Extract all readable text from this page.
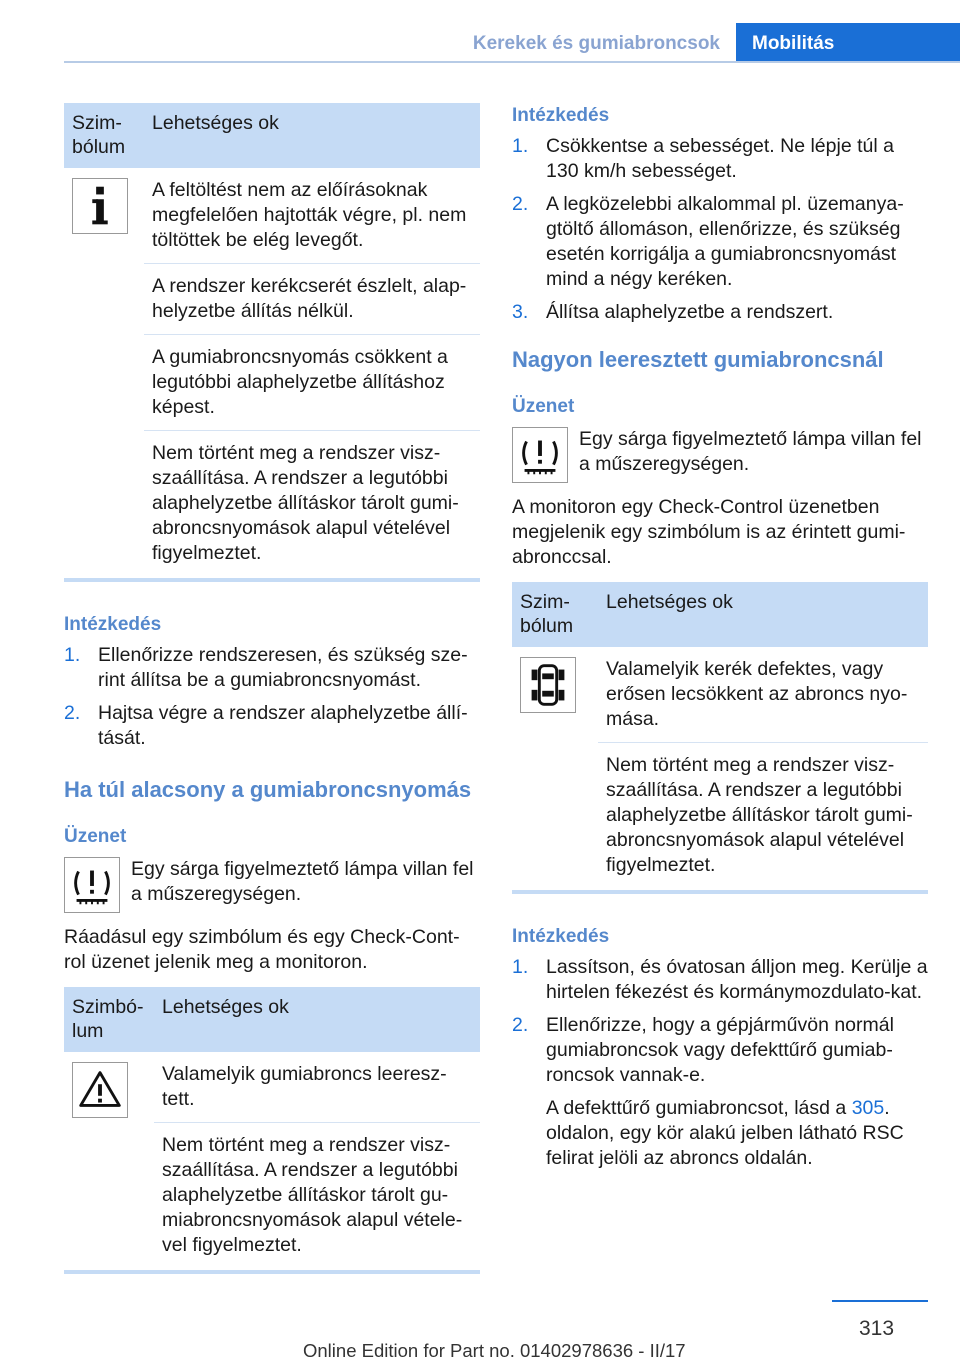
Kerekek és gumiabroncsok	Mobilitás
Szim-
bólum	Lehetséges ok

	A feltöltést nem az előírásoknak megfelelően hajtották végre, pl. nem töltöttek be elég levegőt.
	A rendszer kerékcserét észlelt, alap-helyzetbe állítás nélkül.
	A gumiabroncsnyomás csökkent a legutóbbi alaphelyzetbe állításhoz képest.
	Nem történt meg a rendszer visz-szaállítása. A rendszer a legutóbbi alaphelyzetbe állításkor tárolt gumi-abroncsnyomások alapul vételével figyelmeztet.
Intézkedés
1. Ellenőrizze rendszeresen, és szükség sze-rint állítsa be a gumiabroncsnyomást.
2. Hajtsa végre a rendszer alaphelyzetbe állí-tását.
Ha túl alacsony a gumiabroncsnyomás
Üzenet
Egy sárga figyelmeztető lámpa villan fel a műszeregységen.
Ráadásul egy szimbólum és egy Check-Cont-rol üzenet jelenik meg a monitoron.
Szimbó-
lum	Lehetséges ok

	Valamelyik gumiabroncs leeresz-tett.
	Nem történt meg a rendszer visz-szaállítása. A rendszer a legutóbbi alaphelyzetbe állításkor tárolt gu-miabroncsnyomások alapul vétele-vel figyelmeztet.
Intézkedés
1. Csökkentse a sebességet. Ne lépje túl a 130 km/h sebességet.
2. A legközelebbi alkalommal pl. üzemanya-gtöltő állomáson, ellenőrizze, és szükség esetén korrigálja a gumiabroncsnyomást mind a négy keréken.
3. Állítsa alaphelyzetbe a rendszert.
Nagyon leeresztett gumiabroncsnál
Üzenet
Egy sárga figyelmeztető lámpa villan fel a műszeregységen.
A monitoron egy Check-Control üzenetben megjelenik egy szimbólum is az érintett gumi-abronccsal.
Szim-
bólum	Lehetséges ok

	Valamelyik kerék defektes, vagy erősen lecsökkent az abroncs nyo-mása.
	Nem történt meg a rendszer visz-szaállítása. A rendszer a legutóbbi alaphelyzetbe állításkor tárolt gumi-abroncsnyomások alapul vételével figyelmeztet.
Intézkedés
1. Lassítson, és óvatosan álljon meg. Kerülje a hirtelen fékezést és kormánymozdulato-kat.
2. Ellenőrizze, hogy a gépjárművön normál gumiabroncsok vagy defekttűrő gumiab-roncsok vannak-e.

A defekttűrő gumiabroncsot, lásd a 305. oldalon, egy kör alakú jelben látható RSC felirat jelöli az abroncs oldalán.

313
Online Edition for Part no. 01402978636 - II/17
